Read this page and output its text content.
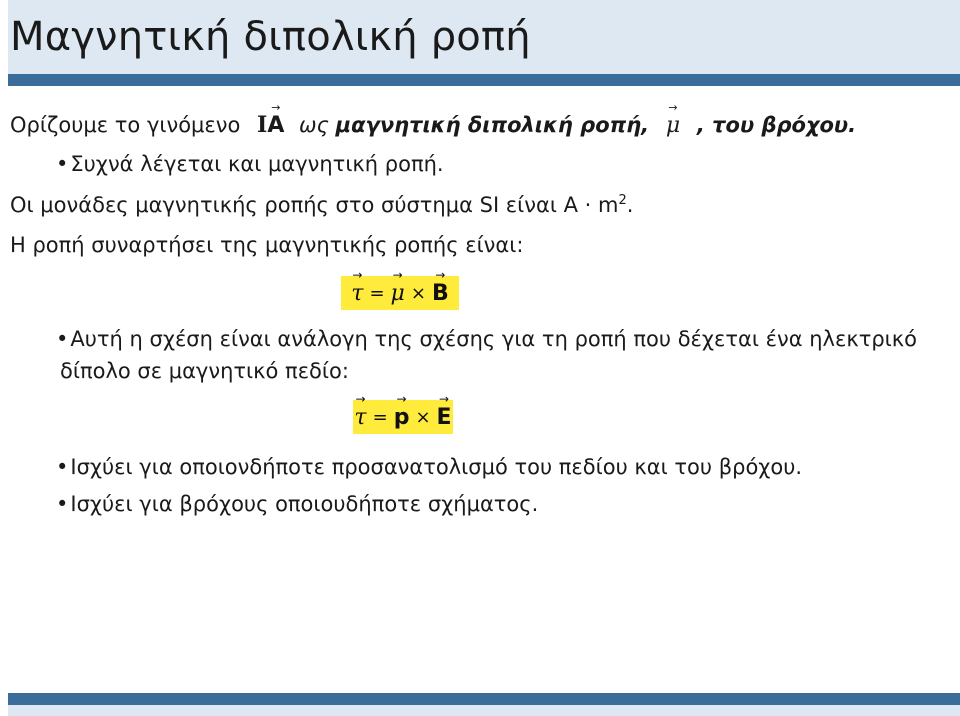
Μαγνητική διπολική ροπή
Ορίζουμε το γινόμενο I→ A ως μαγνητική διπολική ροπή, → μ , του βρόχου.
•Συχνά λέγεται και μαγνητική ροπή.
Οι μονάδες μαγνητικής ροπής στο σύστημα SI είναι $A \cdot m^2$.
Η ροπή συναρτήσει της μαγνητικής ροπής είναι:
→ τ = → μ × → B
•Αυτή η σχέση είναι ανάλογη της σχέσης για τη ροπή που δέχεται ένα ηλεκτρικό
δίπολο σε μαγνητικό πεδίο:
→ τ = → p × → E
•Ισχύει για οποιονδήποτε προσανατολισμό του πεδίου και του βρόχου.
•Ισχύει για βρόχους οποιουδήποτε σχήματος.
